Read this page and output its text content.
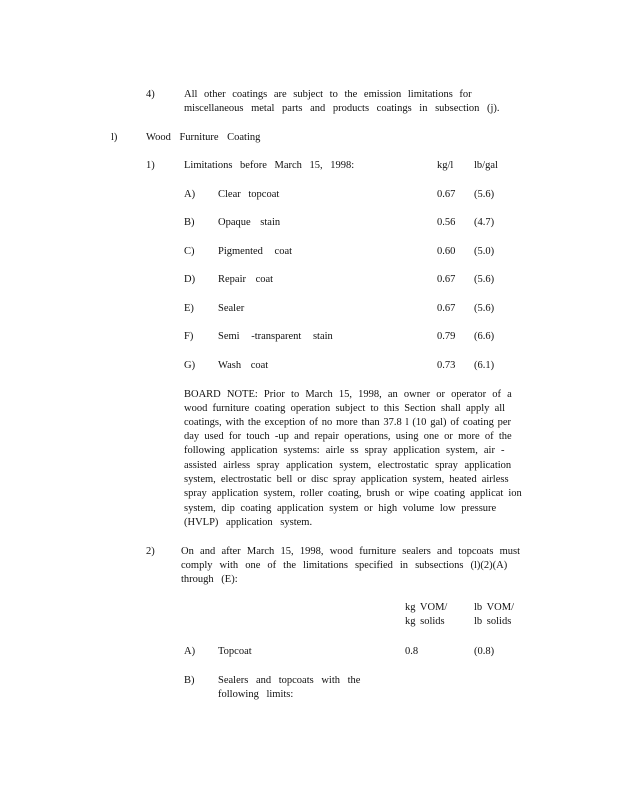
4)	All other coatings are subject to the emission limitations for
miscellaneous metal parts and products coatings in subsection (j).
l)	Wood Furniture Coating
1)	Limitations before March 15, 1998:	kg/l lb/gal
A) Clear topcoat	0.67 (5.6)
B) Opaque stain	0.56 (4.7)
C) Pigmented coat	0.60 (5.0)
D) Repair coat	0.67 (5.6)
E) Sealer	0.67 (5.6)
F) Semi -transparent stain	0.79 (6.6)
G) Wash coat	0.73 (6.1)
BOARD NOTE: Prior to March 15, 1998, an owner or operator of a
wood furniture coating operation subject to this Section shall apply all
coatings, with the exception of no more than 37.8 l (10 gal) of coating per
day used for touch -up and repair operations, using one or more of the
following application systems: airle ss spray application system, air -
assisted airless spray application system, electrostatic spray application
system, electrostatic bell or disc spray application system, heated airless
spray application system, roller coating, brush or wipe coating applicat ion
system, dip coating application system or high volume low pressure
(HVLP) application system.
2)	On and after March 15, 1998, wood furniture sealers and topcoats must
comply with one of the limitations specified in subsections (l)(2)(A)
through (E):
kg VOM/
kg solids
lb VOM/
lb solids
A) Topcoat	0.8	(0.8)
B) Sealers and topcoats with the
following limits:
